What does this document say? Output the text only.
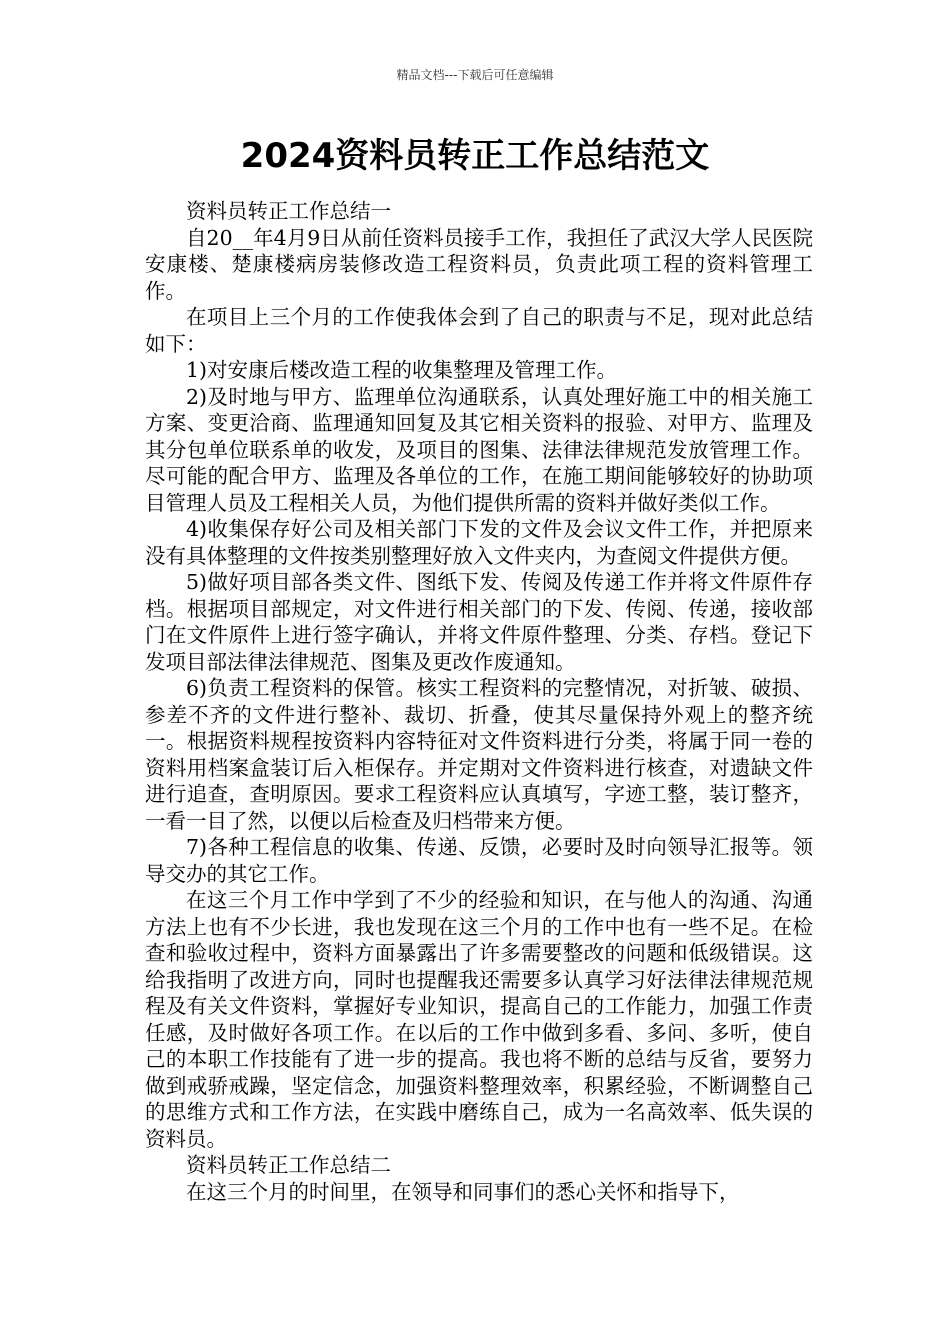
精品文档---下载后可任意编辑
2024资料员转正工作总结范文

资料员转正工作总结一

自20__年4月9日从前任资料员接手工作，我担任了武汉大学人民医院安康楼、楚康楼病房装修改造工程资料员，负责此项工程的资料管理工作。

在项目上三个月的工作使我体会到了自己的职责与不足，现对此总结如下：

1)对安康后楼改造工程的收集整理及管理工作。

2)及时地与甲方、监理单位沟通联系，认真处理好施工中的相关施工方案、变更洽商、监理通知回复及其它相关资料的报验、对甲方、监理及其分包单位联系单的收发，及项目的图集、法律法律规范发放管理工作。尽可能的配合甲方、监理及各单位的工作，在施工期间能够较好的协助项目管理人员及工程相关人员，为他们提供所需的资料并做好类似工作。

4)收集保存好公司及相关部门下发的文件及会议文件工作，并把原来没有具体整理的文件按类别整理好放入文件夹内，为查阅文件提供方便。

5)做好项目部各类文件、图纸下发、传阅及传递工作并将文件原件存档。根据项目部规定，对文件进行相关部门的下发、传阅、传递，接收部门在文件原件上进行签字确认，并将文件原件整理、分类、存档。登记下发项目部法律法律规范、图集及更改作废通知。

6)负责工程资料的保管。核实工程资料的完整情况，对折皱、破损、参差不齐的文件进行整补、裁切、折叠，使其尽量保持外观上的整齐统一。根据资料规程按资料内容特征对文件资料进行分类，将属于同一卷的资料用档案盒装订后入柜保存。并定期对文件资料进行核查，对遗缺文件进行追查，查明原因。要求工程资料应认真填写，字迹工整，装订整齐，一看一目了然，以便以后检查及归档带来方便。

7)各种工程信息的收集、传递、反馈，必要时及时向领导汇报等。领导交办的其它工作。

在这三个月工作中学到了不少的经验和知识，在与他人的沟通、沟通方法上也有不少长进，我也发现在这三个月的工作中也有一些不足。在检查和验收过程中，资料方面暴露出了许多需要整改的问题和低级错误。这给我指明了改进方向，同时也提醒我还需要多认真学习好法律法律规范规程及有关文件资料，掌握好专业知识，提高自己的工作能力，加强工作责任感，及时做好各项工作。在以后的工作中做到多看、多问、多听，使自己的本职工作技能有了进一步的提高。我也将不断的总结与反省，要努力做到戒骄戒躁，坚定信念，加强资料整理效率，积累经验，不断调整自己的思维方式和工作方法，在实践中磨练自己，成为一名高效率、低失误的资料员。

资料员转正工作总结二

在这三个月的时间里，在领导和同事们的悉心关怀和指导下，
